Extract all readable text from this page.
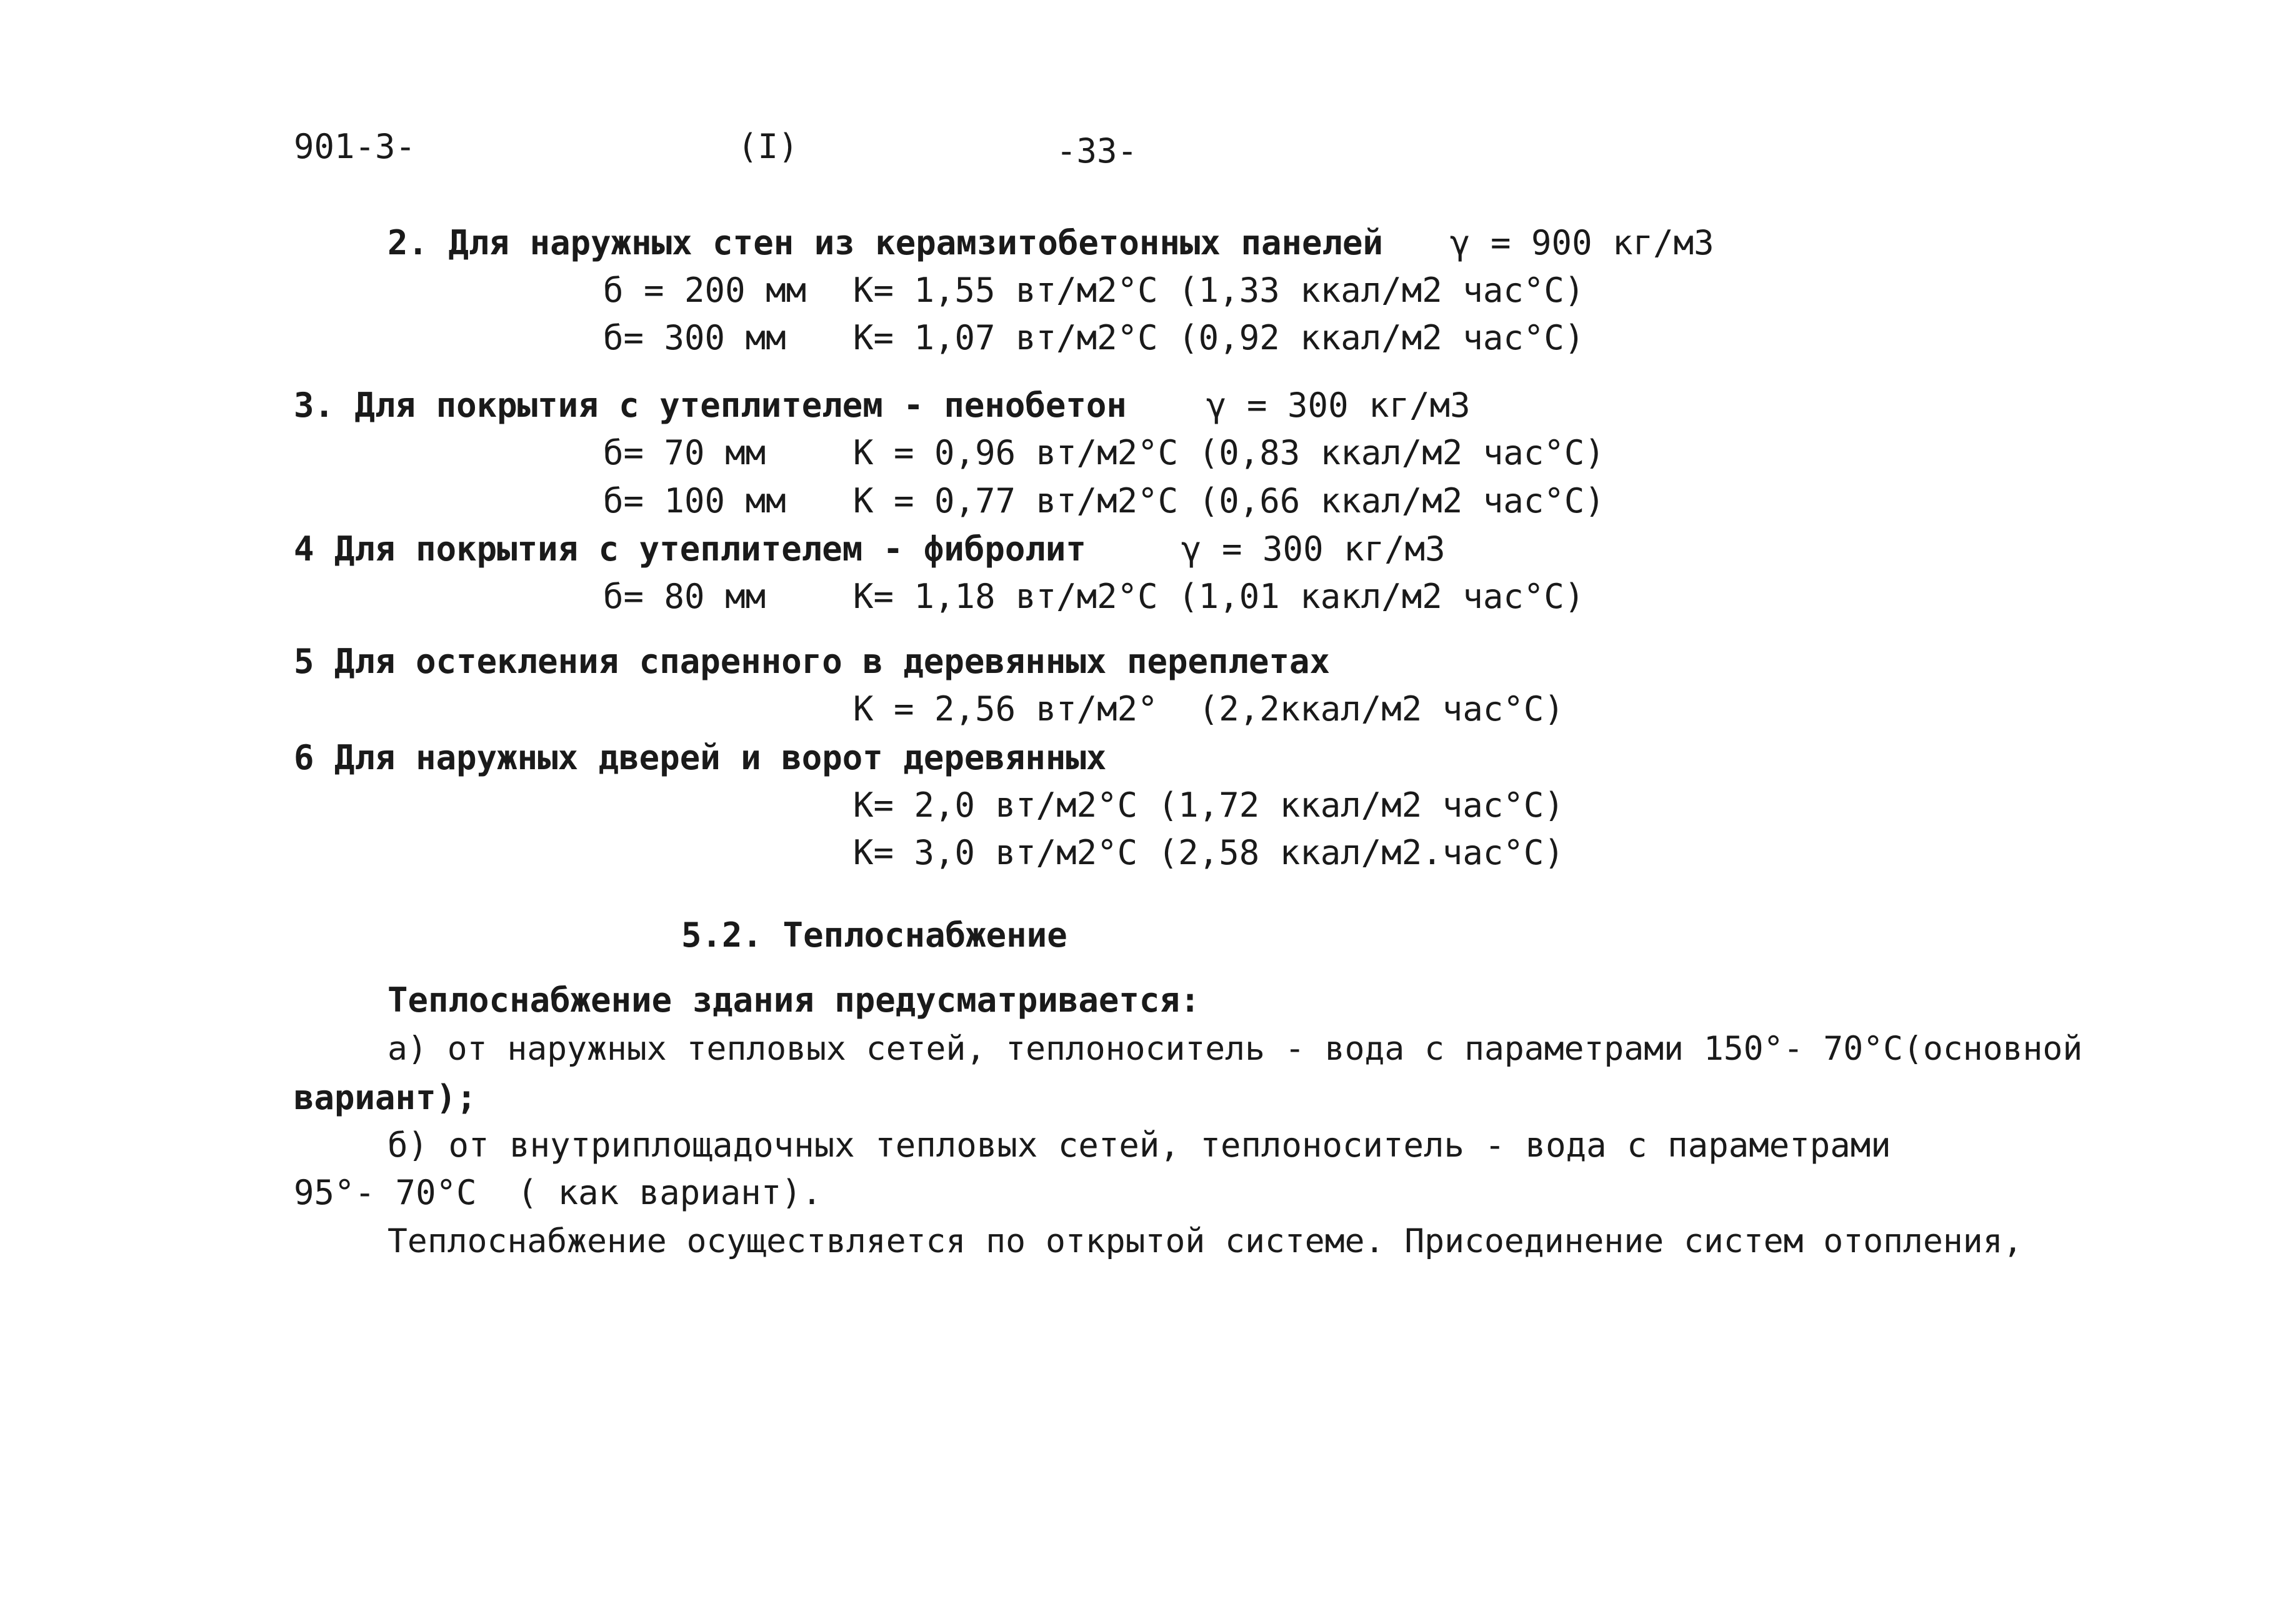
901-3-	(I)	-33-
2. Для наружных стен из керамзитобетонных панелей γ = 900 кг/м3
б = 200 мм K= 1,55 вт/м2°С (1,33 ккал/м2 час°С)
б= 300 мм K= 1,07 вт/м2°С (0,92 ккал/м2 час°С)
3. Для покрытия с утеплителем - пенобетон γ = 300 кг/м3
б= 70 мм	K = 0,96 вт/м2°С (0,83 ккал/м2 час°С)
б= 100 мм K = 0,77 вт/м2°С (0,66 ккал/м2 час°С)
4 Для покрытия с утеплителем - фибролит	γ = 300 кг/м3
б= 80 мм	K= 1,18 вт/м2°С (1,01 какл/м2 час°С)
5 Для остекления спаренного в деревянных переплетах
K = 2,56 вт/м2°  (2,2ккал/м2 час°С)
6 Для наружных дверей и ворот деревянных
K= 2,0 вт/м2°С (1,72 ккал/м2 час°С)
K= 3,0 вт/м2°С (2,58 ккал/м2.час°С)
5.2. Теплоснабжение
Теплоснабжение здания предусматривается:
а) от наружных тепловых сетей, теплоноситель - вода с параметрами 150°- 70°С(основной
вариант);
б) от внутриплощадочных тепловых сетей, теплоноситель - вода с параметрами
95°- 70°С  ( как вариант).
Теплоснабжение осуществляется по открытой системе. Присоединение систем отопления,
